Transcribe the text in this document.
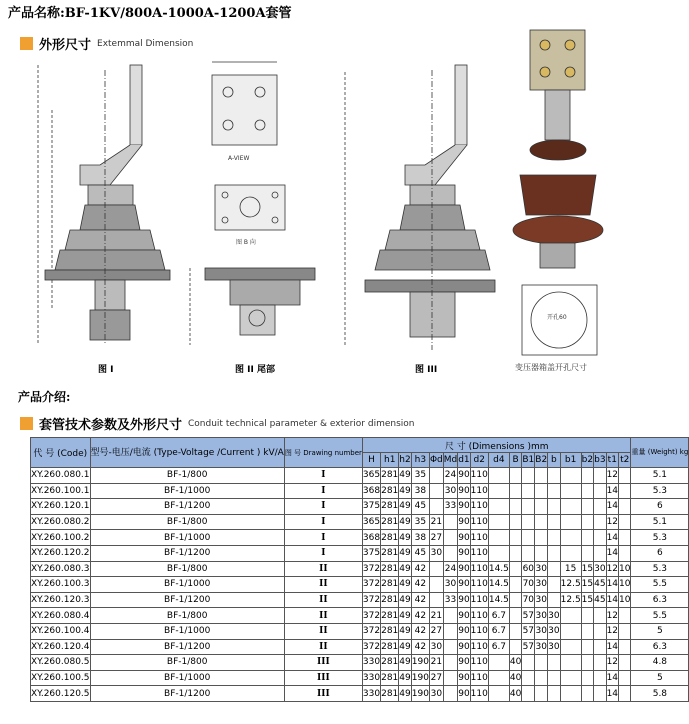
产品名称:BF-1KV/800A-1000A-1200A套管
外形尺寸 Extemmal Dimension
图 I	图 II 尾部	图 III	变压器箱盖开孔尺寸
A-VIEW
图 B 向
开孔60
产品介绍:
套管技术参数及外形尺寸 Conduit technical parameter & exterior dimension
代 号 (Code)	型号-电压/电流 (Type-Voltage /Current ) kV/A	图 号 Drawing number	尺 寸 (Dimensions )mm																		重量 (Weight) kg
			H	h1	h2	h3	Φd	Md	d1	d2	d4	B	B1	B2	b	b1	b2	b3	t1	t2	
XY.260.080.1	BF-1/800	I	365	281	49	35		24	90	110									12		5.1
XY.260.100.1	BF-1/1000	I	368	281	49	38		30	90	110									14		5.3
XY.260.120.1	BF-1/1200	I	375	281	49	45		33	90	110									14		6
XY.260.080.2	BF-1/800	I	365	281	49	35	21		90	110									12		5.1
XY.260.100.2	BF-1/1000	I	368	281	49	38	27		90	110									14		5.3
XY.260.120.2	BF-1/1200	I	375	281	49	45	30		90	110									14		6
XY.260.080.3	BF-1/800	II	372	281	49	42		24	90	110	14.5		60	30		15	15	30	12	10	5.3
XY.260.100.3	BF-1/1000	II	372	281	49	42		30	90	110	14.5		70	30		12.5	15	45	14	10	5.5
XY.260.120.3	BF-1/1200	II	372	281	49	42		33	90	110	14.5		70	30		12.5	15	45	14	10	6.3
XY.260.080.4	BF-1/800	II	372	281	49	42	21		90	110	6.7		57	30	30				12		5.5
XY.260.100.4	BF-1/1000	II	372	281	49	42	27		90	110	6.7		57	30	30				12		5
XY.260.120.4	BF-1/1200	II	372	281	49	42	30		90	110	6.7		57	30	30				14		6.3
XY.260.080.5	BF-1/800	III	330	281	49	190	21		90	110		40							12		4.8
XY.260.100.5	BF-1/1000	III	330	281	49	190	27		90	110		40							14		5
XY.260.120.5	BF-1/1200	III	330	281	49	190	30		90	110		40							14		5.8
